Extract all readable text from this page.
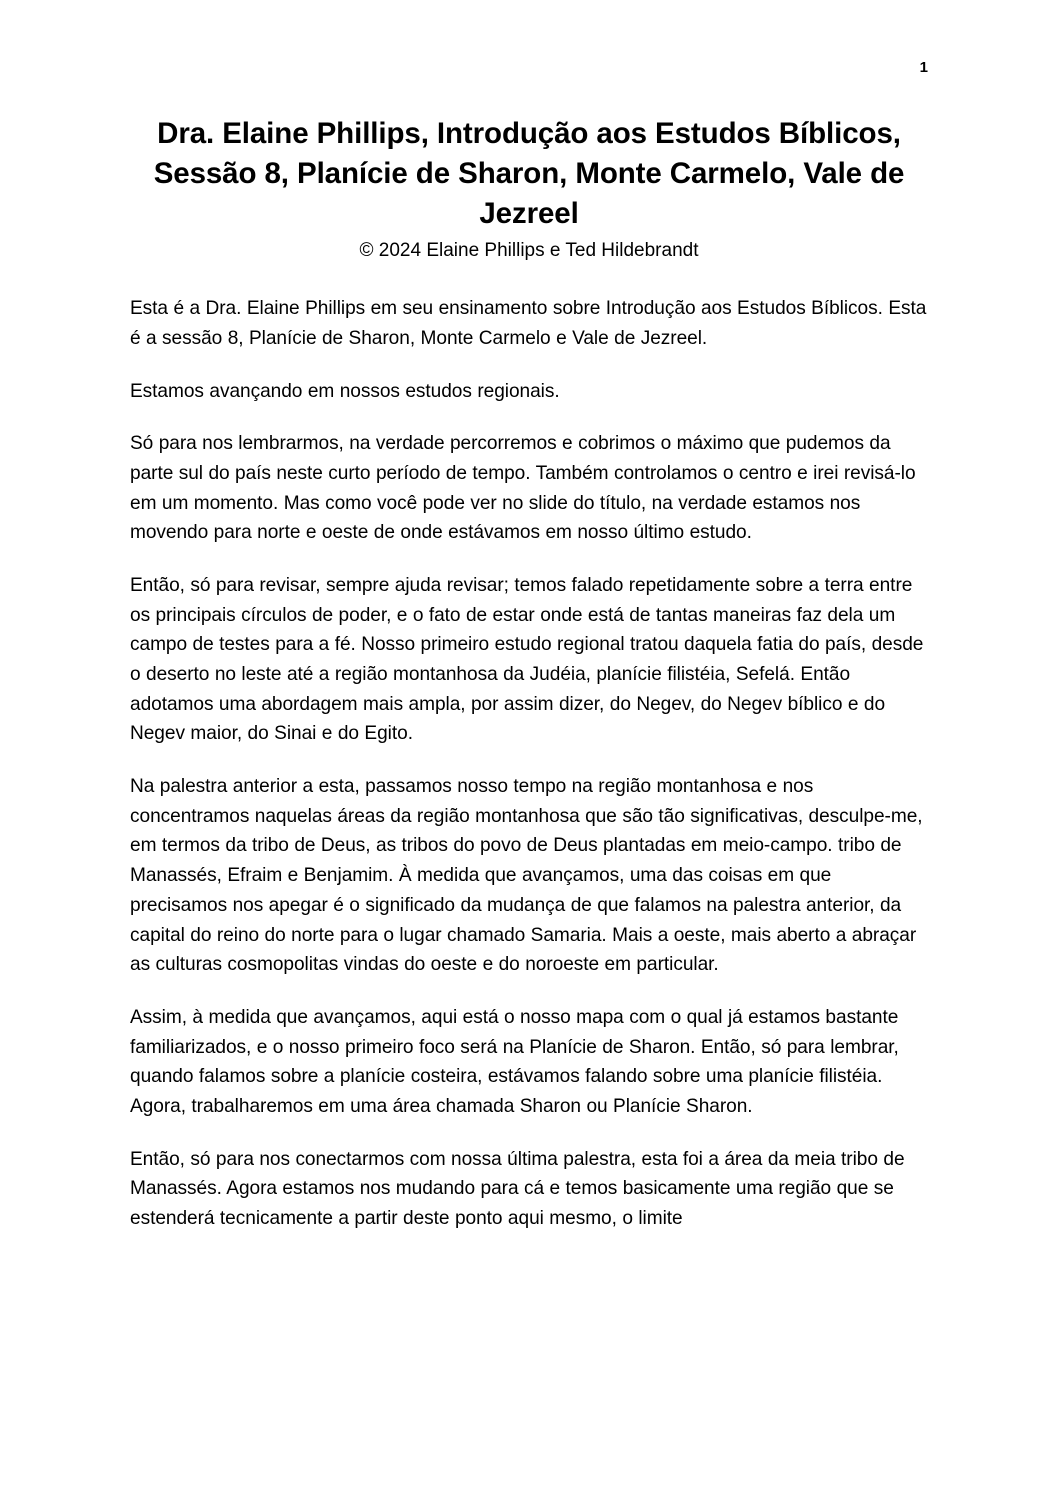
1
Dra. Elaine Phillips, Introdução aos Estudos Bíblicos, Sessão 8, Planície de Sharon, Monte Carmelo, Vale de Jezreel
© 2024 Elaine Phillips e Ted Hildebrandt

Esta é a Dra. Elaine Phillips em seu ensinamento sobre Introdução aos Estudos Bíblicos. Esta é a sessão 8, Planície de Sharon, Monte Carmelo e Vale de Jezreel.

Estamos avançando em nossos estudos regionais.

Só para nos lembrarmos, na verdade percorremos e cobrimos o máximo que pudemos da parte sul do país neste curto período de tempo. Também controlamos o centro e irei revisá-lo em um momento. Mas como você pode ver no slide do título, na verdade estamos nos movendo para norte e oeste de onde estávamos em nosso último estudo.

Então, só para revisar, sempre ajuda revisar; temos falado repetidamente sobre a terra entre os principais círculos de poder, e o fato de estar onde está de tantas maneiras faz dela um campo de testes para a fé. Nosso primeiro estudo regional tratou daquela fatia do país, desde o deserto no leste até a região montanhosa da Judéia, planície filistéia, Sefelá. Então adotamos uma abordagem mais ampla, por assim dizer, do Negev, do Negev bíblico e do Negev maior, do Sinai e do Egito.

Na palestra anterior a esta, passamos nosso tempo na região montanhosa e nos concentramos naquelas áreas da região montanhosa que são tão significativas, desculpe-me, em termos da tribo de Deus, as tribos do povo de Deus plantadas em meio-campo. tribo de Manassés, Efraim e Benjamim. À medida que avançamos, uma das coisas em que precisamos nos apegar é o significado da mudança de que falamos na palestra anterior, da capital do reino do norte para o lugar chamado Samaria. Mais a oeste, mais aberto a abraçar as culturas cosmopolitas vindas do oeste e do noroeste em particular.

Assim, à medida que avançamos, aqui está o nosso mapa com o qual já estamos bastante familiarizados, e o nosso primeiro foco será na Planície de Sharon. Então, só para lembrar, quando falamos sobre a planície costeira, estávamos falando sobre uma planície filistéia. Agora, trabalharemos em uma área chamada Sharon ou Planície Sharon.

Então, só para nos conectarmos com nossa última palestra, esta foi a área da meia tribo de Manassés. Agora estamos nos mudando para cá e temos basicamente uma região que se estenderá tecnicamente a partir deste ponto aqui mesmo, o limite
